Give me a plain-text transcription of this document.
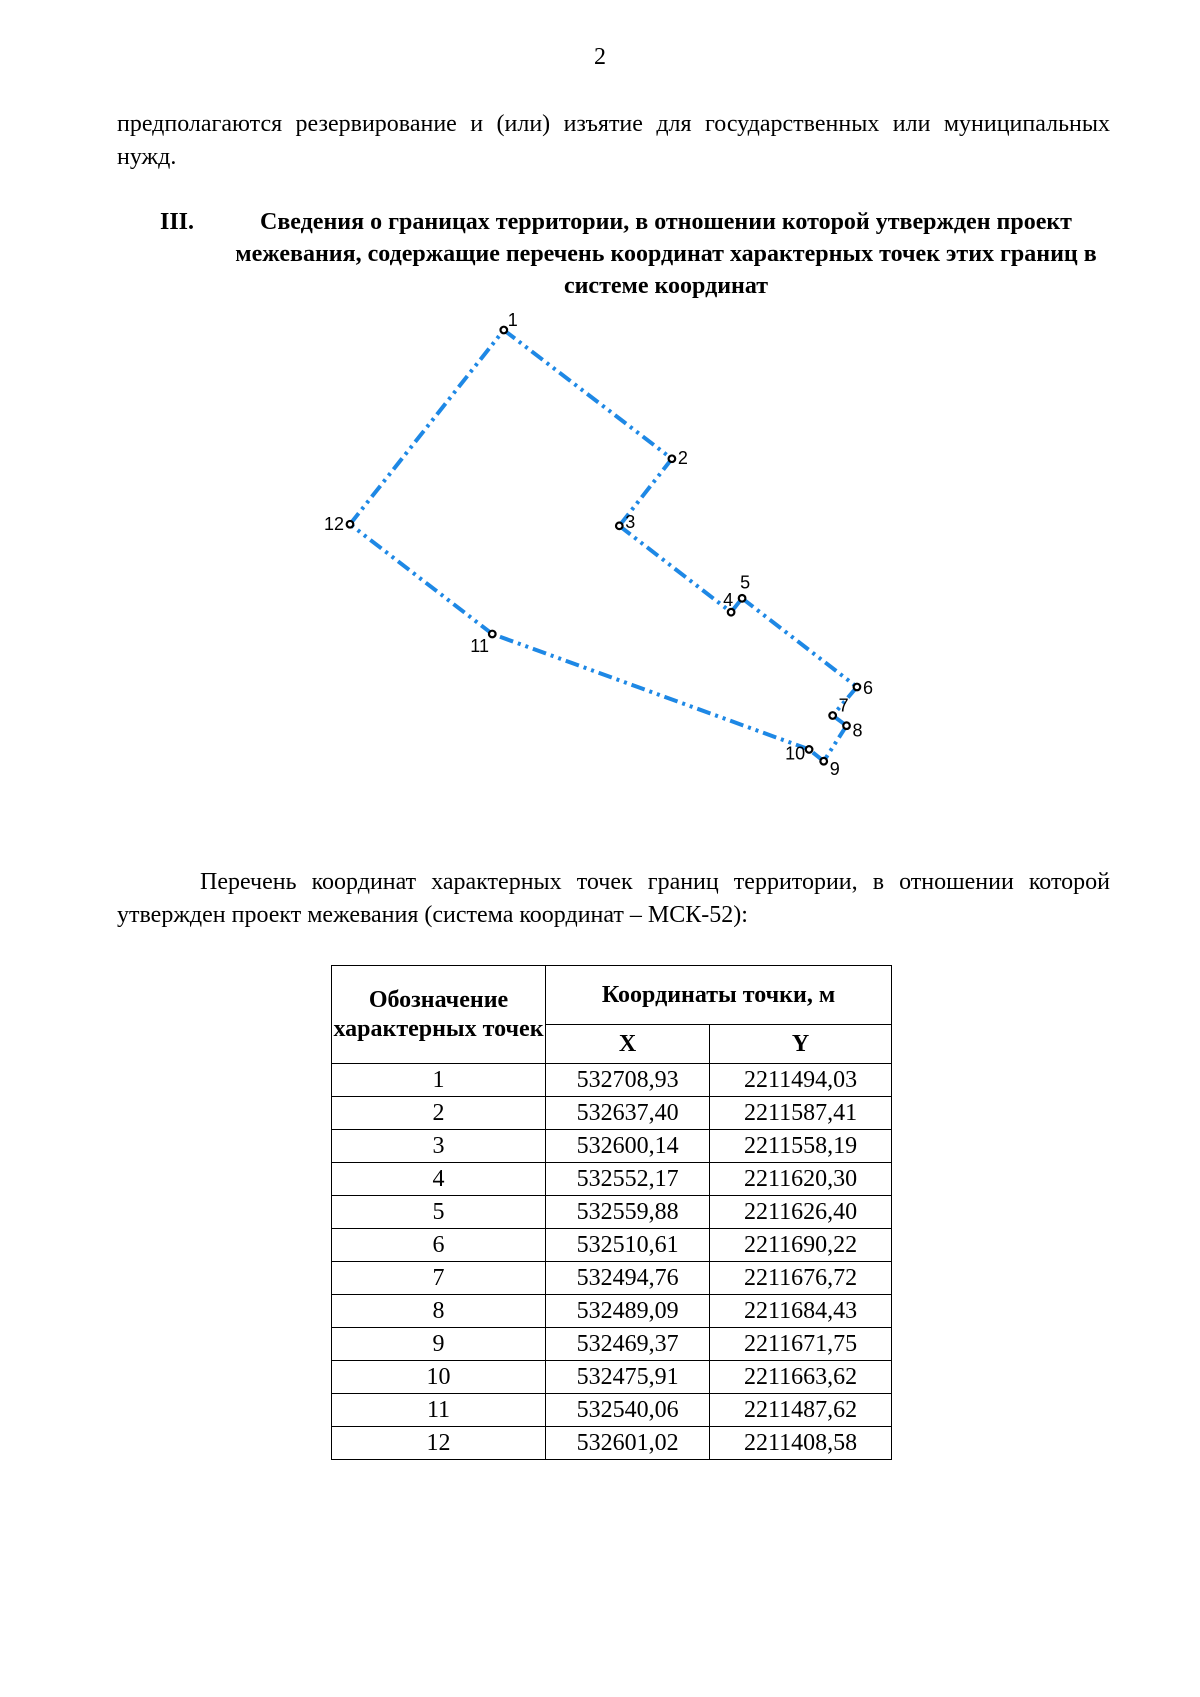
2

предполагаются резервирование и (или) изъятие для государственных или муниципальных нужд.

III.	Сведения о границах территории, в отношении которой утвержден проект межевания, содержащие перечень координат характерных точек этих границ в системе координат
1
2
3
4
5
6
7
8
9
10
11
12

Перечень координат характерных точек границ территории, в отношении которой утвержден проект межевания (система координат – МСК-52):

Обозначение характерных точек	Координаты точки, м	
	X	Y
1	532708,93	2211494,03
2	532637,40	2211587,41
3	532600,14	2211558,19
4	532552,17	2211620,30
5	532559,88	2211626,40
6	532510,61	2211690,22
7	532494,76	2211676,72
8	532489,09	2211684,43
9	532469,37	2211671,75
10	532475,91	2211663,62
11	532540,06	2211487,62
12	532601,02	2211408,58
